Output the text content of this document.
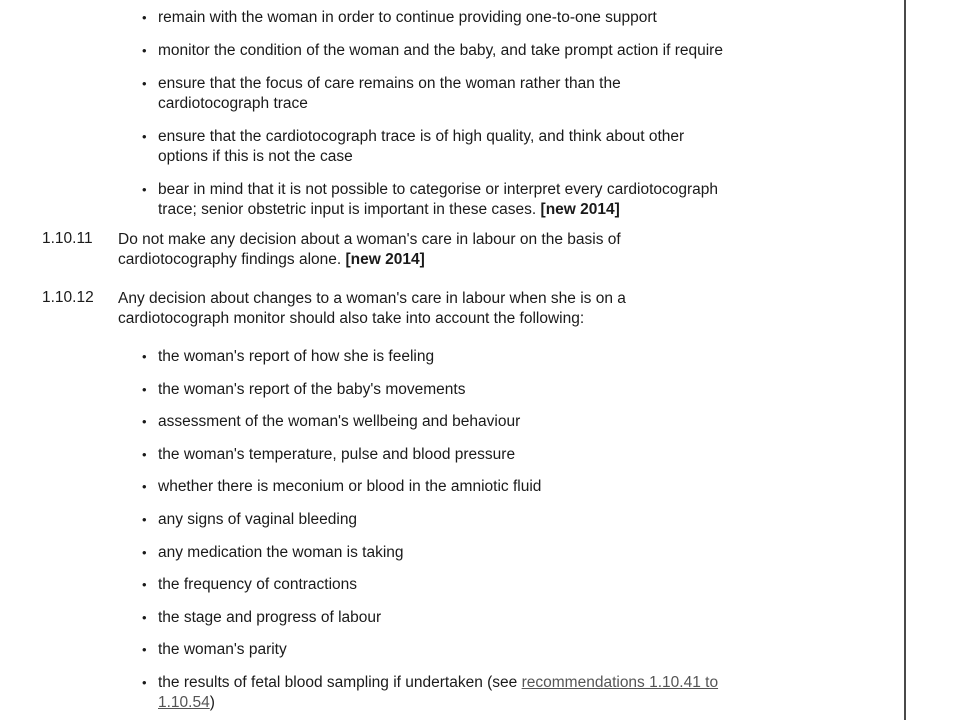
• remain with the woman in order to continue providing one-to-one support
• monitor the condition of the woman and the baby, and take prompt action if require
• ensure that the focus of care remains on the woman rather than the
cardiotocograph trace
• ensure that the cardiotocograph trace is of high quality, and think about other
options if this is not the case
• bear in mind that it is not possible to categorise or interpret every cardiotocograph
trace; senior obstetric input is important in these cases. [new 2014]
1.10.11	Do not make any decision about a woman's care in labour on the basis of
cardiotocography findings alone. [new 2014]
1.10.12	Any decision about changes to a woman's care in labour when she is on a
cardiotocograph monitor should also take into account the following:
• the woman's report of how she is feeling
• the woman's report of the baby's movements
• assessment of the woman's wellbeing and behaviour
• the woman's temperature, pulse and blood pressure
• whether there is meconium or blood in the amniotic fluid
• any signs of vaginal bleeding
• any medication the woman is taking
• the frequency of contractions
• the stage and progress of labour
• the woman's parity
• the results of fetal blood sampling if undertaken (see recommendations 1.10.41 to
1.10.54)
